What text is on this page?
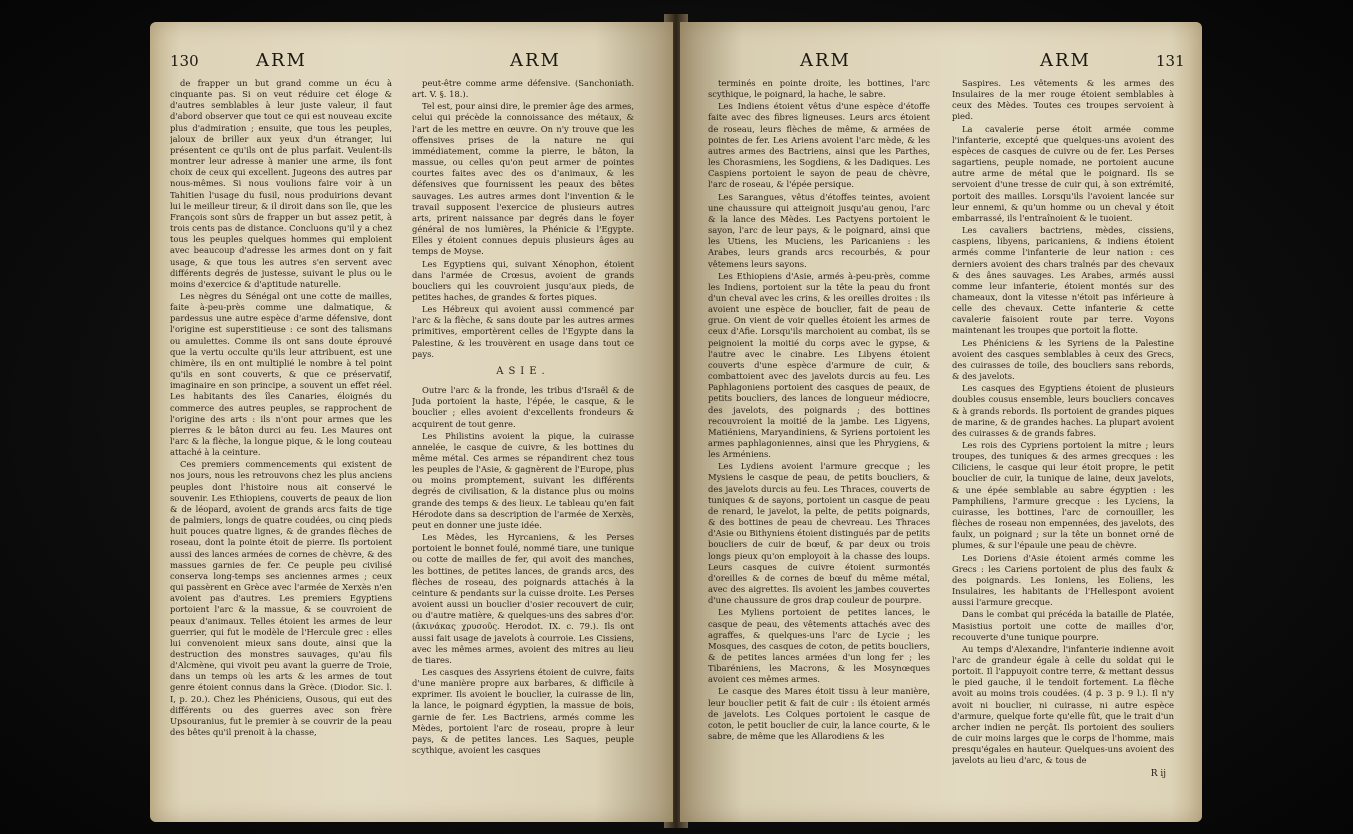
130	ARM	ARM

de frapper un but grand comme un écu à cinquante pas. Si on veut réduire cet éloge & d'autres semblables à leur juste valeur, il faut d'abord observer que tout ce qui est nouveau excite plus d'admiration ; ensuite, que tous les peuples, jaloux de briller aux yeux d'un étranger, lui présentent ce qu'ils ont de plus parfait. Veulent-ils montrer leur adresse à manier une arme, ils font choix de ceux qui excellent. Jugeons des autres par nous-mêmes. Si nous voulions faire voir à un Tahitien l'usage du fusil, nous produirions devant lui le meilleur tireur, & il diroit dans son île, que les François sont sûrs de frapper un but assez petit, à trois cents pas de distance. Concluons qu'il y a chez tous les peuples quelques hommes qui emploient avec beaucoup d'adresse les armes dont on y fait usage, & que tous les autres s'en servent avec différents degrés de justesse, suivant le plus ou le moins d'exercice & d'aptitude naturelle.

Les nègres du Sénégal ont une cotte de mailles, faite à-peu-près comme une dalmatique, & pardessus une autre espèce d'arme défensive, dont l'origine est superstitieuse : ce sont des talismans ou amulettes. Comme ils ont sans doute éprouvé que la vertu occulte qu'ils leur attribuent, est une chimère, ils en ont multiplié le nombre à tel point qu'ils en sont couverts, & que ce préservatif, imaginaire en son principe, a souvent un effet réel. Les habitants des îles Canaries, éloignés du commerce des autres peuples, se rapprochent de l'origine des arts : ils n'ont pour armes que les pierres & le bâton durci au feu. Les Maures ont l'arc & la flèche, la longue pique, & le long couteau attaché à la ceinture.

Ces premiers commencements qui existent de nos jours, nous les retrouvons chez les plus anciens peuples dont l'histoire nous ait conservé le souvenir. Les Ethiopiens, couverts de peaux de lion & de léopard, avoient de grands arcs faits de tige de palmiers, longs de quatre coudées, ou cinq pieds huit pouces quatre lignes, & de grandes flèches de roseau, dont la pointe étoit de pierre. Ils portoient aussi des lances armées de cornes de chèvre, & des massues garnies de fer. Ce peuple peu civilisé conserva long-temps ses anciennes armes ; ceux qui passèrent en Grèce avec l'armée de Xerxès n'en avoient pas d'autres. Les premiers Egyptiens portoient l'arc & la massue, & se couvroient de peaux d'animaux. Telles étoient les armes de leur guerrier, qui fut le modèle de l'Hercule grec : elles lui convenoient mieux sans doute, ainsi que la destruction des monstres sauvages, qu'au fils d'Alcmène, qui vivoit peu avant la guerre de Troie, dans un temps où les arts & les armes de tout genre étoient connus dans la Grèce. (Diodor. Sic. l. I, p. 20.). Chez les Phéniciens, Ousous, qui eut des différents ou des guerres avec son frère Upsouranius, fut le premier à se couvrir de la peau des bêtes qu'il prenoit à la chasse,

peut-être comme arme défensive. (Sanchoniath. art. V. §. 18.).

Tel est, pour ainsi dire, le premier âge des armes, celui qui précède la connoissance des métaux, & l'art de les mettre en œuvre. On n'y trouve que les offensives prises de la nature ne qui immédiatement, comme la pierre, le bâton, la massue, ou celles qu'on peut armer de pointes courtes faites avec des os d'animaux, & les défensives que fournissent les peaux des bêtes sauvages. Les autres armes dont l'invention & le travail supposent l'exercice de plusieurs autres arts, prirent naissance par degrés dans le foyer général de nos lumières, la Phénicie & l'Egypte. Elles y étoient connues depuis plusieurs âges au temps de Moyse.

Les Egyptiens qui, suivant Xénophon, étoient dans l'armée de Crœsus, avoient de grands boucliers qui les couvroient jusqu'aux pieds, de petites haches, de grandes & fortes piques.

Les Hébreux qui avoient aussi commencé par l'arc & la flèche, & sans doute par les autres armes primitives, emportèrent celles de l'Egypte dans la Palestine, & les trouvèrent en usage dans tout ce pays.

ASIE.

Outre l'arc & la fronde, les tribus d'Israël & de Juda portoient la haste, l'épée, le casque, & le bouclier ; elles avoient d'excellents frondeurs & acquirent de tout genre.

Les Philistins avoient la pique, la cuirasse annelée, le casque de cuivre, & les bottines du même métal. Ces armes se répandirent chez tous les peuples de l'Asie, & gagnèrent de l'Europe, plus ou moins promptement, suivant les différents degrés de civilisation, & la distance plus ou moins grande des temps & des lieux. Le tableau qu'en fait Hérodote dans sa description de l'armée de Xerxès, peut en donner une juste idée.

Les Mèdes, les Hyrcaniens, & les Perses portoient le bonnet foulé, nommé tiare, une tunique ou cotte de mailles de fer, qui avoit des manches, les bottines, de petites lances, de grands arcs, des flèches de roseau, des poignards attachés à la ceinture & pendants sur la cuisse droite. Les Perses avoient aussi un bouclier d'osier recouvert de cuir, ou d'autre matière, & quelques-uns des sabres d'or. (ἀκινάκας χρυσοῦς. Herodot. IX. c. 79.). Ils ont aussi fait usage de javelots à courroie. Les Cissiens, avec les mêmes armes, avoient des mitres au lieu de tiares.

Les casques des Assyriens étoient de cuivre, faits d'une manière propre aux barbares, & difficile à exprimer. Ils avoient le bouclier, la cuirasse de lin, la lance, le poignard égyptien, la massue de bois, garnie de fer. Les Bactriens, armés comme les Mèdes, portoient l'arc de roseau, propre à leur pays, & de petites lances. Les Saques, peuple scythique, avoient les casques

ARM	ARM	131

terminés en pointe droite, les bottines, l'arc scythique, le poignard, la hache, le sabre.

Les Indiens étoient vêtus d'une espèce d'étoffe faite avec des fibres ligneuses. Leurs arcs étoient de roseau, leurs flèches de même, & armées de pointes de fer. Les Ariens avoient l'arc mède, & les autres armes des Bactriens, ainsi que les Parthes, les Chorasmiens, les Sogdiens, & les Dadiques. Les Caspiens portoient le sayon de peau de chèvre, l'arc de roseau, & l'épée persique.

Les Sarangues, vêtus d'étoffes teintes, avoient une chaussure qui atteignoit jusqu'au genou, l'arc & la lance des Mèdes. Les Pactyens portoient le sayon, l'arc de leur pays, & le poignard, ainsi que les Utiens, les Muciens, les Paricaniens : les Arabes, leurs grands arcs recourbés, & pour vêtemens leurs sayons.

Les Ethiopiens d'Asie, armés à-peu-près, comme les Indiens, portoient sur la tête la peau du front d'un cheval avec les crins, & les oreilles droites : ils avoient une espèce de bouclier, fait de peau de grue. On vient de voir quelles étoient les armes de ceux d'Afie. Lorsqu'ils marchoient au combat, ils se peignoient la moitié du corps avec le gypse, & l'autre avec le cinabre. Les Libyens étoient couverts d'une espèce d'armure de cuir, & combattoient avec des javelots durcis au feu. Les Paphlagoniens portoient des casques de peaux, de petits boucliers, des lances de longueur médiocre, des javelots, des poignards ; des bottines recouvroient la moitié de la jambe. Les Ligyens, Matiéniens, Maryandiniens, & Syriens portoient les armes paphlagoniennes, ainsi que les Phrygiens, & les Arméniens.

Les Lydiens avoient l'armure grecque ; les Mysiens le casque de peau, de petits boucliers, & des javelots durcis au feu. Les Thraces, couverts de tuniques & de sayons, portoient un casque de peau de renard, le javelot, la pelte, de petits poignards, & des bottines de peau de chevreau. Les Thraces d'Asie ou Bithyniens étoient distingués par de petits boucliers de cuir de bœuf, & par deux ou trois longs pieux qu'on employoit à la chasse des loups. Leurs casques de cuivre étoient surmontés d'oreilles & de cornes de bœuf du même métal, avec des aigrettes. Ils avoient les jambes couvertes d'une chaussure de gros drap couleur de pourpre.

Les Myliens portoient de petites lances, le casque de peau, des vêtements attachés avec des agraffes, & quelques-uns l'arc de Lycie ; les Mosques, des casques de coton, de petits boucliers, & de petites lances armées d'un long fer ; les Tibaréniens, les Macrons, & les Mosynœques avoient ces mêmes armes.

Le casque des Mares étoit tissu à leur manière, leur bouclier petit & fait de cuir : ils étoient armés de javelots. Les Colques portoient le casque de coton, le petit bouclier de cuir, la lance courte, & le sabre, de même que les Allarodiens & les

Saspires. Les vêtements & les armes des Insulaires de la mer rouge étoient semblables à ceux des Mèdes. Toutes ces troupes servoient à pied.

La cavalerie perse étoit armée comme l'infanterie, excepté que quelques-uns avoient des espèces de casques de cuivre ou de fer. Les Perses sagartiens, peuple nomade, ne portoient aucune autre arme de métal que le poignard. Ils se servoient d'une tresse de cuir qui, à son extrémité, portoit des mailles. Lorsqu'ils l'avoient lancée sur leur ennemi, & qu'un homme ou un cheval y étoit embarrassé, ils l'entraînoient & le tuoient.

Les cavaliers bactriens, mèdes, cissiens, caspiens, libyens, paricaniens, & indiens étoient armés comme l'infanterie de leur nation : ces derniers avoient des chars traînés par des chevaux & des ânes sauvages. Les Arabes, armés aussi comme leur infanterie, étoient montés sur des chameaux, dont la vitesse n'étoit pas inférieure à celle des chevaux. Cette infanterie & cette cavalerie faisoient route par terre. Voyons maintenant les troupes que portoit la flotte.

Les Phéniciens & les Syriens de la Palestine avoient des casques semblables à ceux des Grecs, des cuirasses de toile, des boucliers sans rebords, & des javelots.

Les casques des Egyptiens étoient de plusieurs doubles cousus ensemble, leurs boucliers concaves & à grands rebords. Ils portoient de grandes piques de marine, & de grandes haches. La plupart avoient des cuirasses & de grands fabres.

Les rois des Cypriens portoient la mitre ; leurs troupes, des tuniques & des armes grecques : les Ciliciens, le casque qui leur étoit propre, le petit bouclier de cuir, la tunique de laine, deux javelots, & une épée semblable au sabre égyptien : les Pamphiliens, l'armure grecque : les Lyciens, la cuirasse, les bottines, l'arc de cornouiller, les flèches de roseau non empennées, des javelots, des faulx, un poignard ; sur la tête un bonnet orné de plumes, & sur l'épaule une peau de chèvre.

Les Doriens d'Asie étoient armés comme les Grecs : les Cariens portoient de plus des faulx & des poignards. Les Ioniens, les Eoliens, les Insulaires, les habitants de l'Hellespont avoient aussi l'armure grecque.

Dans le combat qui précéda la bataille de Platée, Masistius portoit une cotte de mailles d'or, recouverte d'une tunique pourpre.

Au temps d'Alexandre, l'infanterie indienne avoit l'arc de grandeur égale à celle du soldat qui le portoit. Il l'appuyoit contre terre, & mettant dessus le pied gauche, il le tendoit fortement. La flèche avoit au moins trois coudées. (4 p. 3 p. 9 l.). Il n'y avoit ni bouclier, ni cuirasse, ni autre espèce d'armure, quelque forte qu'elle fût, que le trait d'un archer indien ne perçât. Ils portoient des souliers de cuir moins larges que le corps de l'homme, mais presqu'égales en hauteur. Quelques-uns avoient des javelots au lieu d'arc, & tous de

R ij
